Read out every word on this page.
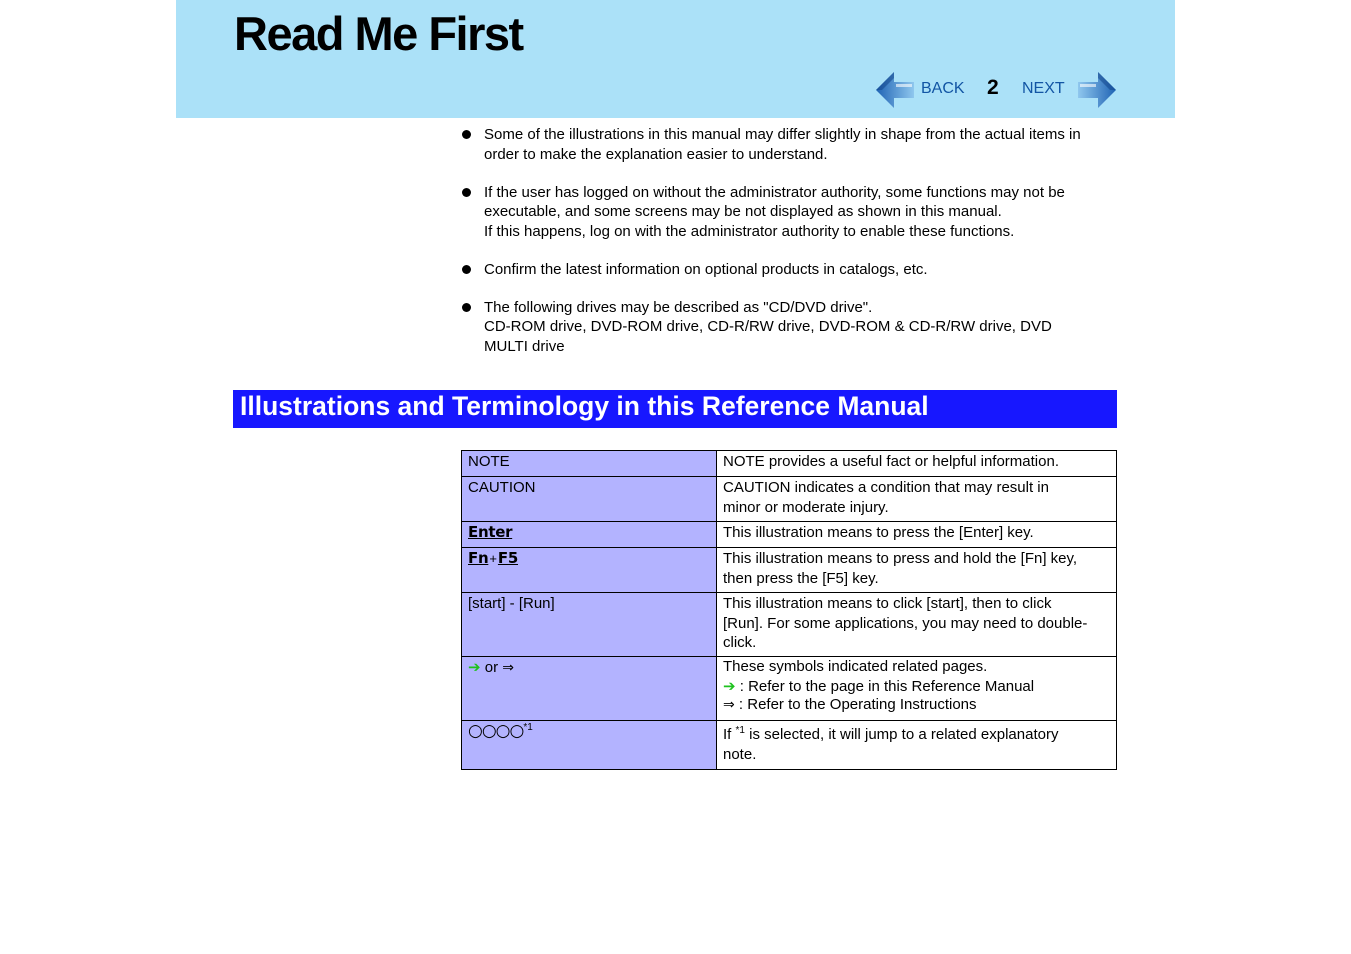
Read Me First
BACK 2 NEXT
Some of the illustrations in this manual may differ slightly in shape from the actual items in
order to make the explanation easier to understand.
If the user has logged on without the administrator authority, some functions may not be
executable, and some screens may be not displayed as shown in this manual.
If this happens, log on with the administrator authority to enable these functions.
Confirm the latest information on optional products in catalogs, etc.
The following drives may be described as "CD/DVD drive".
CD-ROM drive, DVD-ROM drive, CD-R/RW drive, DVD-ROM & CD-R/RW drive, DVD
MULTI drive
Illustrations and Terminology in this Reference Manual
NOTE	NOTE provides a useful fact or helpful information.

CAUTION	CAUTION indicates a condition that may result in
minor or moderate injury.

Enter	This illustration means to press the [Enter] key.

Fn+F5	This illustration means to press and hold the [Fn] key,
then press the [F5] key.

[start] - [Run]	This illustration means to click [start], then to click
[Run]. For some applications, you may need to double-
click.

➔ or ⇒	These symbols indicated related pages.
➔ : Refer to the page in this Reference Manual
⇒ : Refer to the Operating Instructions

○○○○$^{*1}$	If $^{*1}$ is selected, it will jump to a related explanatory
note.
